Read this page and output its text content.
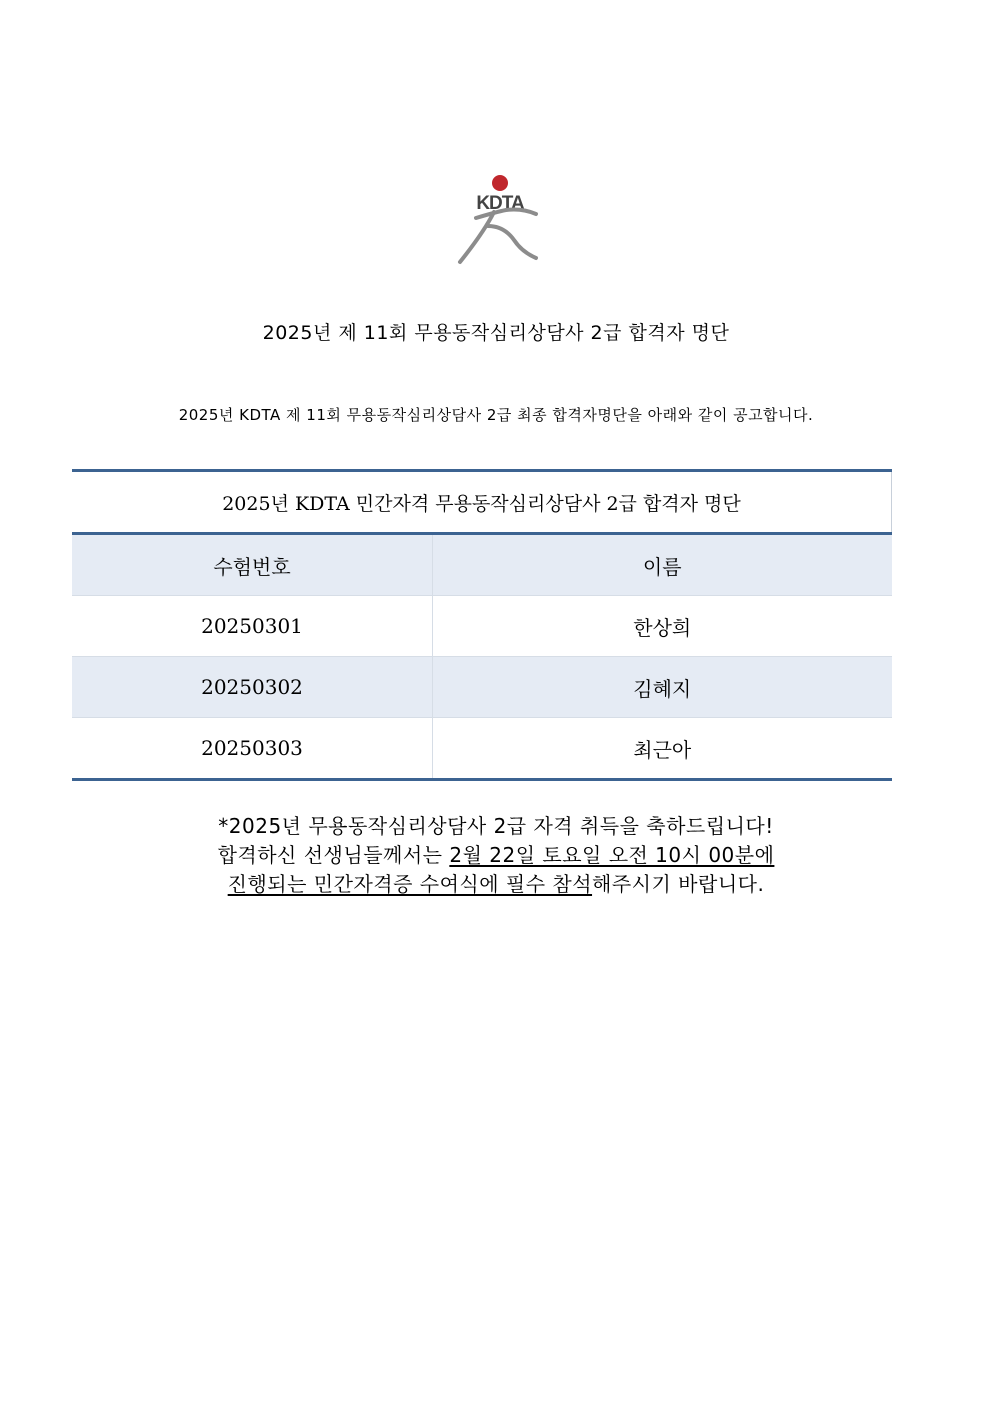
KDTA
2025년 제 11회 무용동작심리상담사 2급 합격자 명단
2025년 KDTA 제 11회 무용동작심리상담사 2급 최종 합격자명단을 아래와 같이 공고합니다.
2025년 KDTA 민간자격 무용동작심리상담사 2급 합격자 명단	
수험번호	이름
20250301	한상희
20250302	김혜지
20250303	최근아
*2025년 무용동작심리상담사 2급 자격 취득을 축하드립니다!
합격하신 선생님들께서는 2월 22일 토요일 오전 10시 00분에
진행되는 민간자격증 수여식에 필수 참석해주시기 바랍니다.
